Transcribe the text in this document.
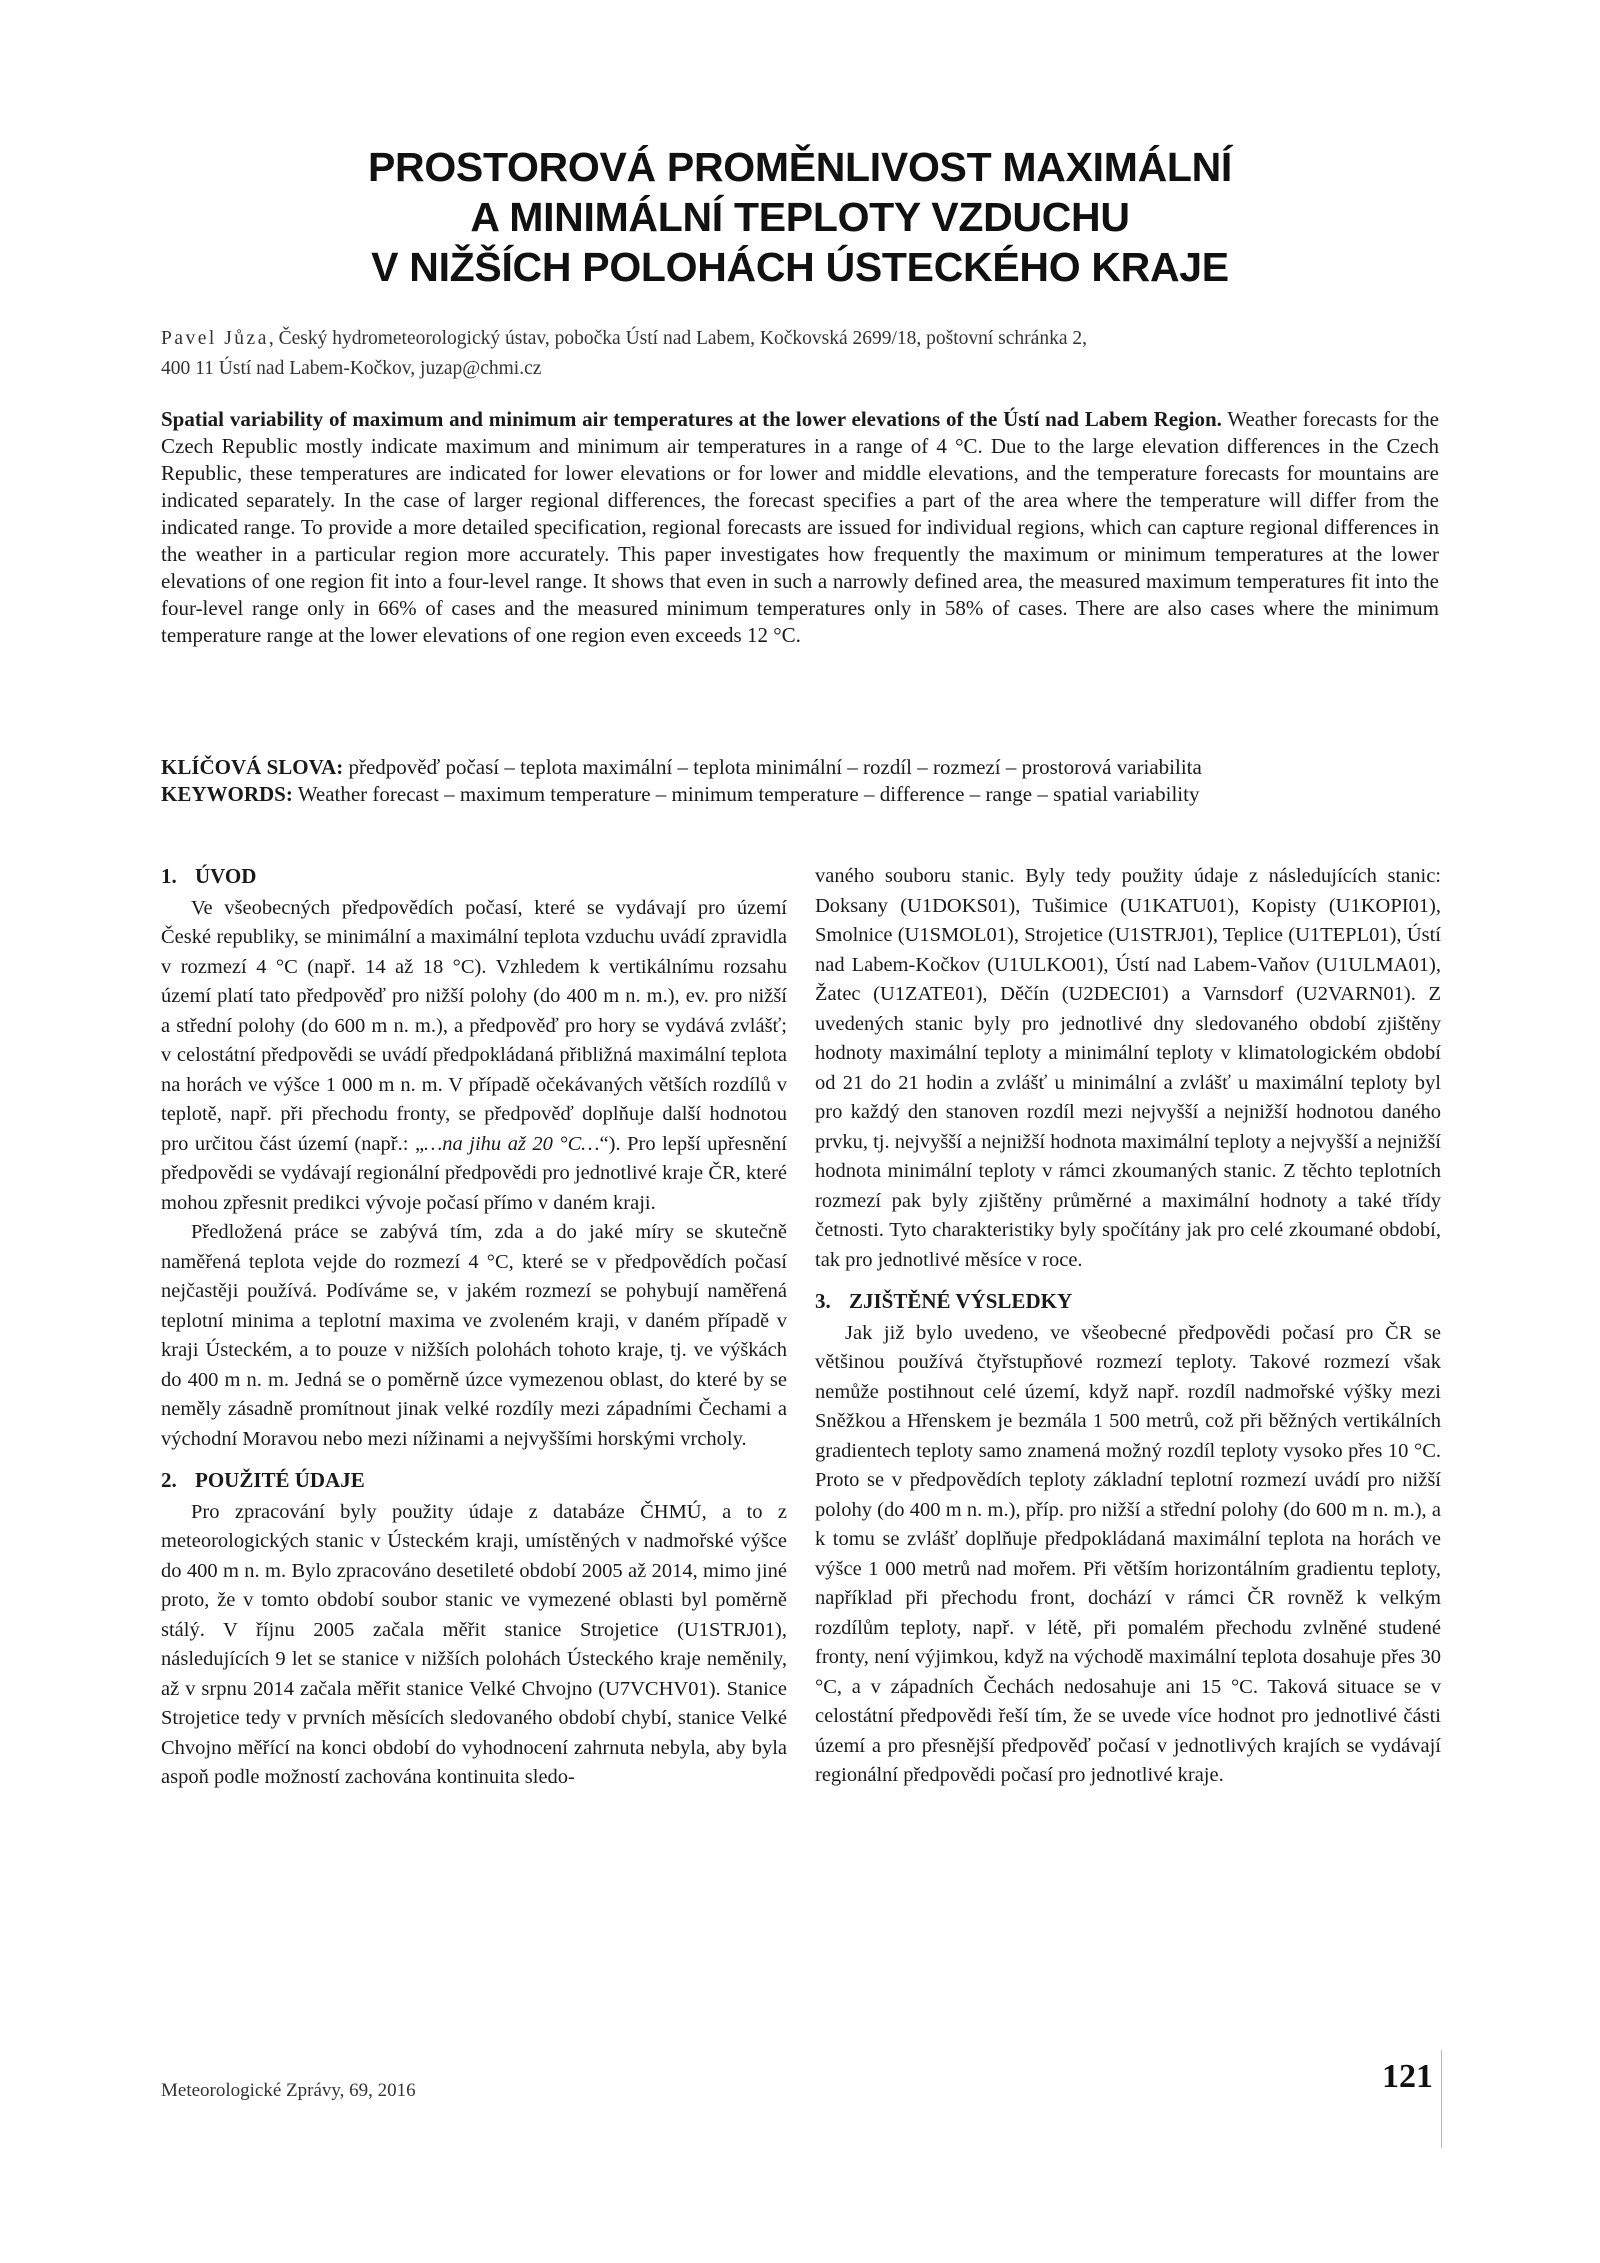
PROSTOROVÁ PROMĚNLIVOST MAXIMÁLNÍ
A MINIMÁLNÍ TEPLOTY VZDUCHU
V NIŽŠÍCH POLOHÁCH ÚSTECKÉHO KRAJE
Pavel Jůza, Český hydrometeorologický ústav, pobočka Ústí nad Labem, Kočkovská 2699/18, poštovní schránka 2,
400 11 Ústí nad Labem-Kočkov, juzap@chmi.cz

Spatial variability of maximum and minimum air temperatures at the lower elevations of the Ústí nad Labem Region. Weather forecasts for the Czech Republic mostly indicate maximum and minimum air temperatures in a range of 4 °C. Due to the large elevation differences in the Czech Republic, these temperatures are indicated for lower elevations or for lower and middle elevations, and the temperature forecasts for mountains are indicated separately. In the case of larger regional differences, the forecast specifies a part of the area where the temperature will differ from the indicated range. To provide a more detailed specification, regional forecasts are issued for individual regions, which can capture regional differences in the weather in a particular region more accurately. This paper investigates how frequently the maximum or minimum temperatures at the lower elevations of one region fit into a four-level range. It shows that even in such a narrowly defined area, the measured maximum temperatures fit into the four-level range only in 66% of cases and the measured minimum temperatures only in 58% of cases. There are also cases where the minimum temperature range at the lower elevations of one region even exceeds 12 °C.

KLÍČOVÁ SLOVA: předpověď počasí – teplota maximální – teplota minimální – rozdíl – rozmezí – prostorová variabilita
KEYWORDS: Weather forecast – maximum temperature – minimum temperature – difference – range – spatial variability
1. ÚVOD

Ve všeobecných předpovědích počasí, které se vydávají pro území České republiky, se minimální a maximální teplota vzduchu uvádí zpravidla v rozmezí 4 °C (např. 14 až 18 °C). Vzhledem k vertikálnímu rozsahu území platí tato předpověď pro nižší polohy (do 400 m n. m.), ev. pro nižší a střední polohy (do 600 m n. m.), a předpověď pro hory se vydává zvlášť; v celostátní předpovědi se uvádí předpokládaná přibližná maximální teplota na horách ve výšce 1 000 m n. m. V případě očekávaných větších rozdílů v teplotě, např. při přechodu fronty, se předpověď doplňuje další hodnotou pro určitou část území (např.: „…na jihu až 20 °C…“). Pro lepší upřesnění předpovědi se vydávají regionální předpovědi pro jednotlivé kraje ČR, které mohou zpřesnit predikci vývoje počasí přímo v daném kraji.

Předložená práce se zabývá tím, zda a do jaké míry se skutečně naměřená teplota vejde do rozmezí 4 °C, které se v předpovědích počasí nejčastěji používá. Podíváme se, v jakém rozmezí se pohybují naměřená teplotní minima a teplotní maxima ve zvoleném kraji, v daném případě v kraji Ústeckém, a to pouze v nižších polohách tohoto kraje, tj. ve výškách do 400 m n. m. Jedná se o poměrně úzce vymezenou oblast, do které by se neměly zásadně promítnout jinak velké rozdíly mezi západními Čechami a východní Moravou nebo mezi nížinami a nejvyššími horskými vrcholy.

2. POUŽITÉ ÚDAJE

Pro zpracování byly použity údaje z databáze ČHMÚ, a to z meteorologických stanic v Ústeckém kraji, umístěných v nadmořské výšce do 400 m n. m. Bylo zpracováno desetileté období 2005 až 2014, mimo jiné proto, že v tomto období soubor stanic ve vymezené oblasti byl poměrně stálý. V říjnu 2005 začala měřit stanice Strojetice (U1STRJ01), následujících 9 let se stanice v nižších polohách Ústeckého kraje neměnily, až v srpnu 2014 začala měřit stanice Velké Chvojno (U7VCHV01). Stanice Strojetice tedy v prvních měsících sledovaného období chybí, stanice Velké Chvojno měřící na konci období do vyhodnocení zahrnuta nebyla, aby byla aspoň podle možností zachována kontinuita sledo-

vaného souboru stanic. Byly tedy použity údaje z následujících stanic: Doksany (U1DOKS01), Tušimice (U1KATU01), Kopisty (U1KOPI01), Smolnice (U1SMOL01), Strojetice (U1STRJ01), Teplice (U1TEPL01), Ústí nad Labem-Kočkov (U1ULKO01), Ústí nad Labem-Vaňov (U1ULMA01), Žatec (U1ZATE01), Děčín (U2DECI01) a Varnsdorf (U2VARN01). Z uvedených stanic byly pro jednotlivé dny sledovaného období zjištěny hodnoty maximální teploty a minimální teploty v klimatologickém období od 21 do 21 hodin a zvlášť u minimální a zvlášť u maximální teploty byl pro každý den stanoven rozdíl mezi nejvyšší a nejnižší hodnotou daného prvku, tj. nejvyšší a nejnižší hodnota maximální teploty a nejvyšší a nejnižší hodnota minimální teploty v rámci zkoumaných stanic. Z těchto teplotních rozmezí pak byly zjištěny průměrné a maximální hodnoty a také třídy četnosti. Tyto charakteristiky byly spočítány jak pro celé zkoumané období, tak pro jednotlivé měsíce v roce.

3. ZJIŠTĚNÉ VÝSLEDKY

Jak již bylo uvedeno, ve všeobecné předpovědi počasí pro ČR se většinou používá čtyřstupňové rozmezí teploty. Takové rozmezí však nemůže postihnout celé území, když např. rozdíl nadmořské výšky mezi Sněžkou a Hřenskem je bezmála 1 500 metrů, což při běžných vertikálních gradientech teploty samo znamená možný rozdíl teploty vysoko přes 10 °C. Proto se v předpovědích teploty základní teplotní rozmezí uvádí pro nižší polohy (do 400 m n. m.), příp. pro nižší a střední polohy (do 600 m n. m.), a k tomu se zvlášť doplňuje předpokládaná maximální teplota na horách ve výšce 1 000 metrů nad mořem. Při větším horizontálním gradientu teploty, například při přechodu front, dochází v rámci ČR rovněž k velkým rozdílům teploty, např. v létě, při pomalém přechodu zvlněné studené fronty, není výjimkou, když na východě maximální teplota dosahuje přes 30 °C, a v západních Čechách nedosahuje ani 15 °C. Taková situace se v celostátní předpovědi řeší tím, že se uvede více hodnot pro jednotlivé části území a pro přesnější předpověď počasí v jednotlivých krajích se vydávají regionální předpovědi počasí pro jednotlivé kraje.

Meteorologické Zprávy, 69, 2016	121
